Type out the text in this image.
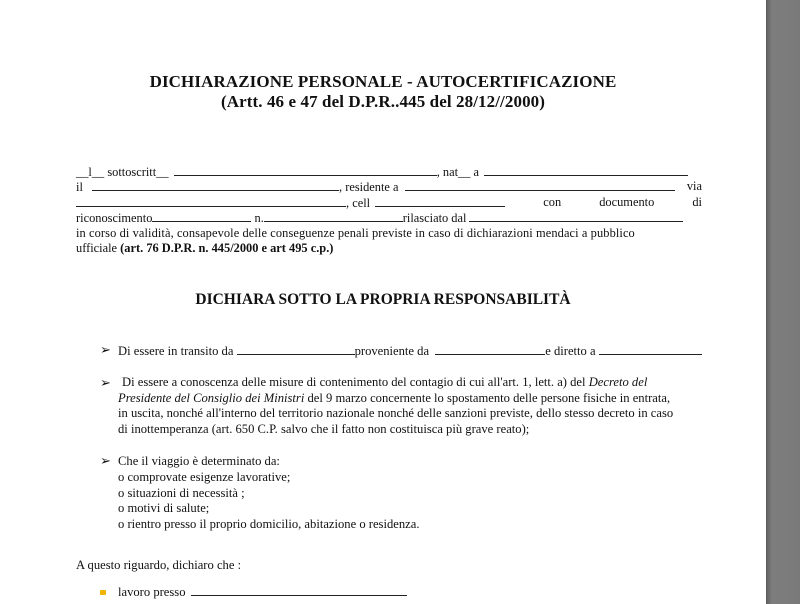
DICHIARAZIONE PERSONALE - AUTOCERTIFICAZIONE
(Artt. 46 e 47 del D.P.R..445 del 28/12//2000)
__l__ sottoscritt__	, nat__ a
il	, residente a	via
, cell	con	documento	di
riconoscimento	n.	rilasciato dal
in corso di validità, consapevole delle conseguenze penali previste in caso di dichiarazioni mendaci a pubblico
ufficiale (art. 76 D.P.R. n. 445/2000 e art 495 c.p.)
DICHIARA SOTTO LA PROPRIA RESPONSABILITÀ
➢ Di essere in transito da	proveniente da	e diretto a
➢ Di essere a conoscenza delle misure di contenimento del contagio di cui all'art. 1, lett. a) del Decreto del
Presidente del Consiglio dei Ministri del 9 marzo concernente lo spostamento delle persone fisiche in entrata,
in uscita, nonché all'interno del territorio nazionale nonché delle sanzioni previste, dello stesso decreto in caso
di inottemperanza (art. 650 C.P. salvo che il fatto non costituisca più grave reato);
➢ Che il viaggio è determinato da:
o comprovate esigenze lavorative;
o situazioni di necessità ;
o motivi di salute;
o rientro presso il proprio domicilio, abitazione o residenza.
A questo riguardo, dichiaro che :
lavoro presso
